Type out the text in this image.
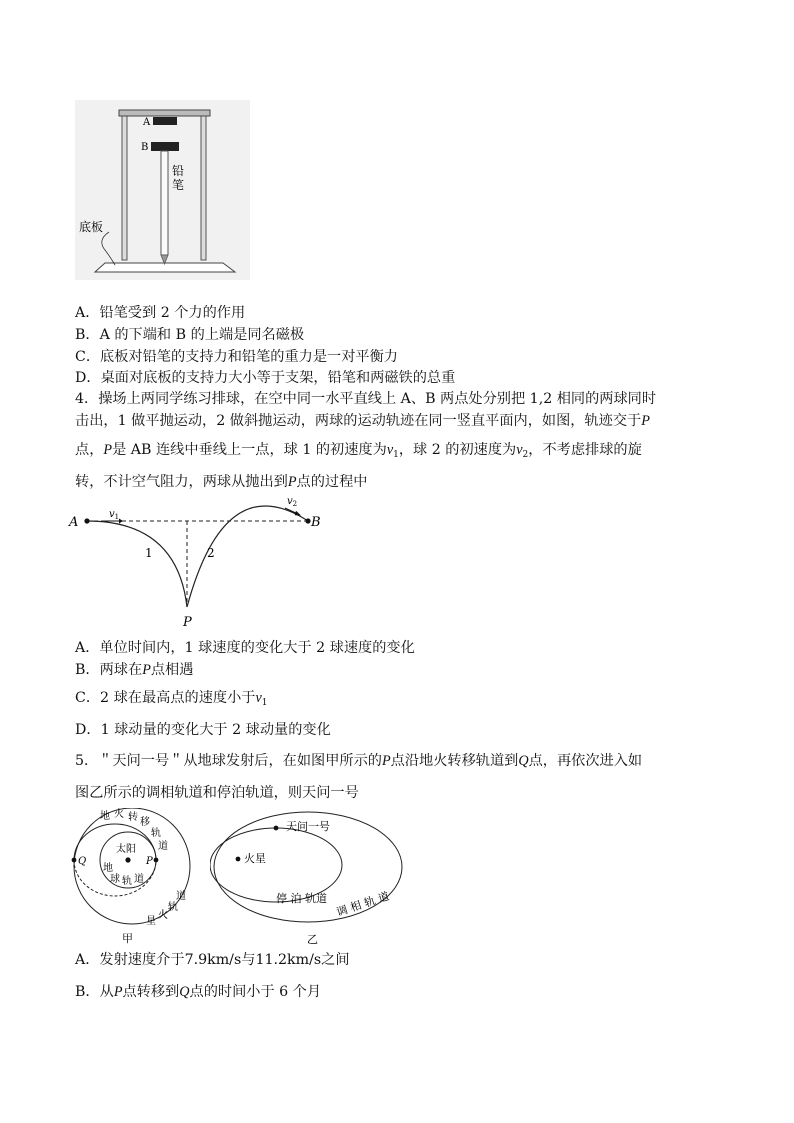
A
B
铅
笔
底板
A．铅笔受到 2 个力的作用
B．A 的下端和 B 的上端是同名磁极
C．底板对铅笔的支持力和铅笔的重力是一对平衡力
D．桌面对底板的支持力大小等于支架，铅笔和两磁铁的总重
4．操场上两同学练习排球，在空中同一水平直线上 A、B 两点处分别把 1,2 相同的两球同时
击出，1 做平抛运动，2 做斜抛运动，两球的运动轨迹在同一竖直平面内，如图，轨迹交于P
点，P是 AB 连线中垂线上一点，球 1 的初速度为$v_1$，球 2 的初速度为$v_2$，不考虑排球的旋
转，不计空气阻力，两球从抛出到P点的过程中
A	B
P
$v_1$
$v_2$
1	2
A．单位时间内，1 球速度的变化大于 2 球速度的变化
B．两球在P点相遇
C．2 球在最高点的速度小于$v_1$
D．1 球动量的变化大于 2 球动量的变化
5．＂天问一号＂从地球发射后，在如图甲所示的P点沿地火转移轨道到Q点，再依次进入如
图乙所示的调相轨道和停泊轨道，则天问一号
地 火 转 移
轨
道
太阳
Q	P
地
球 轨 道
道
轨
火
星
甲
天问一号
火星
停 泊 轨道 调 相 轨 道
乙
A．发射速度介于7.9km/s与11.2km/s之间
B．从P点转移到Q点的时间小于 6 个月
